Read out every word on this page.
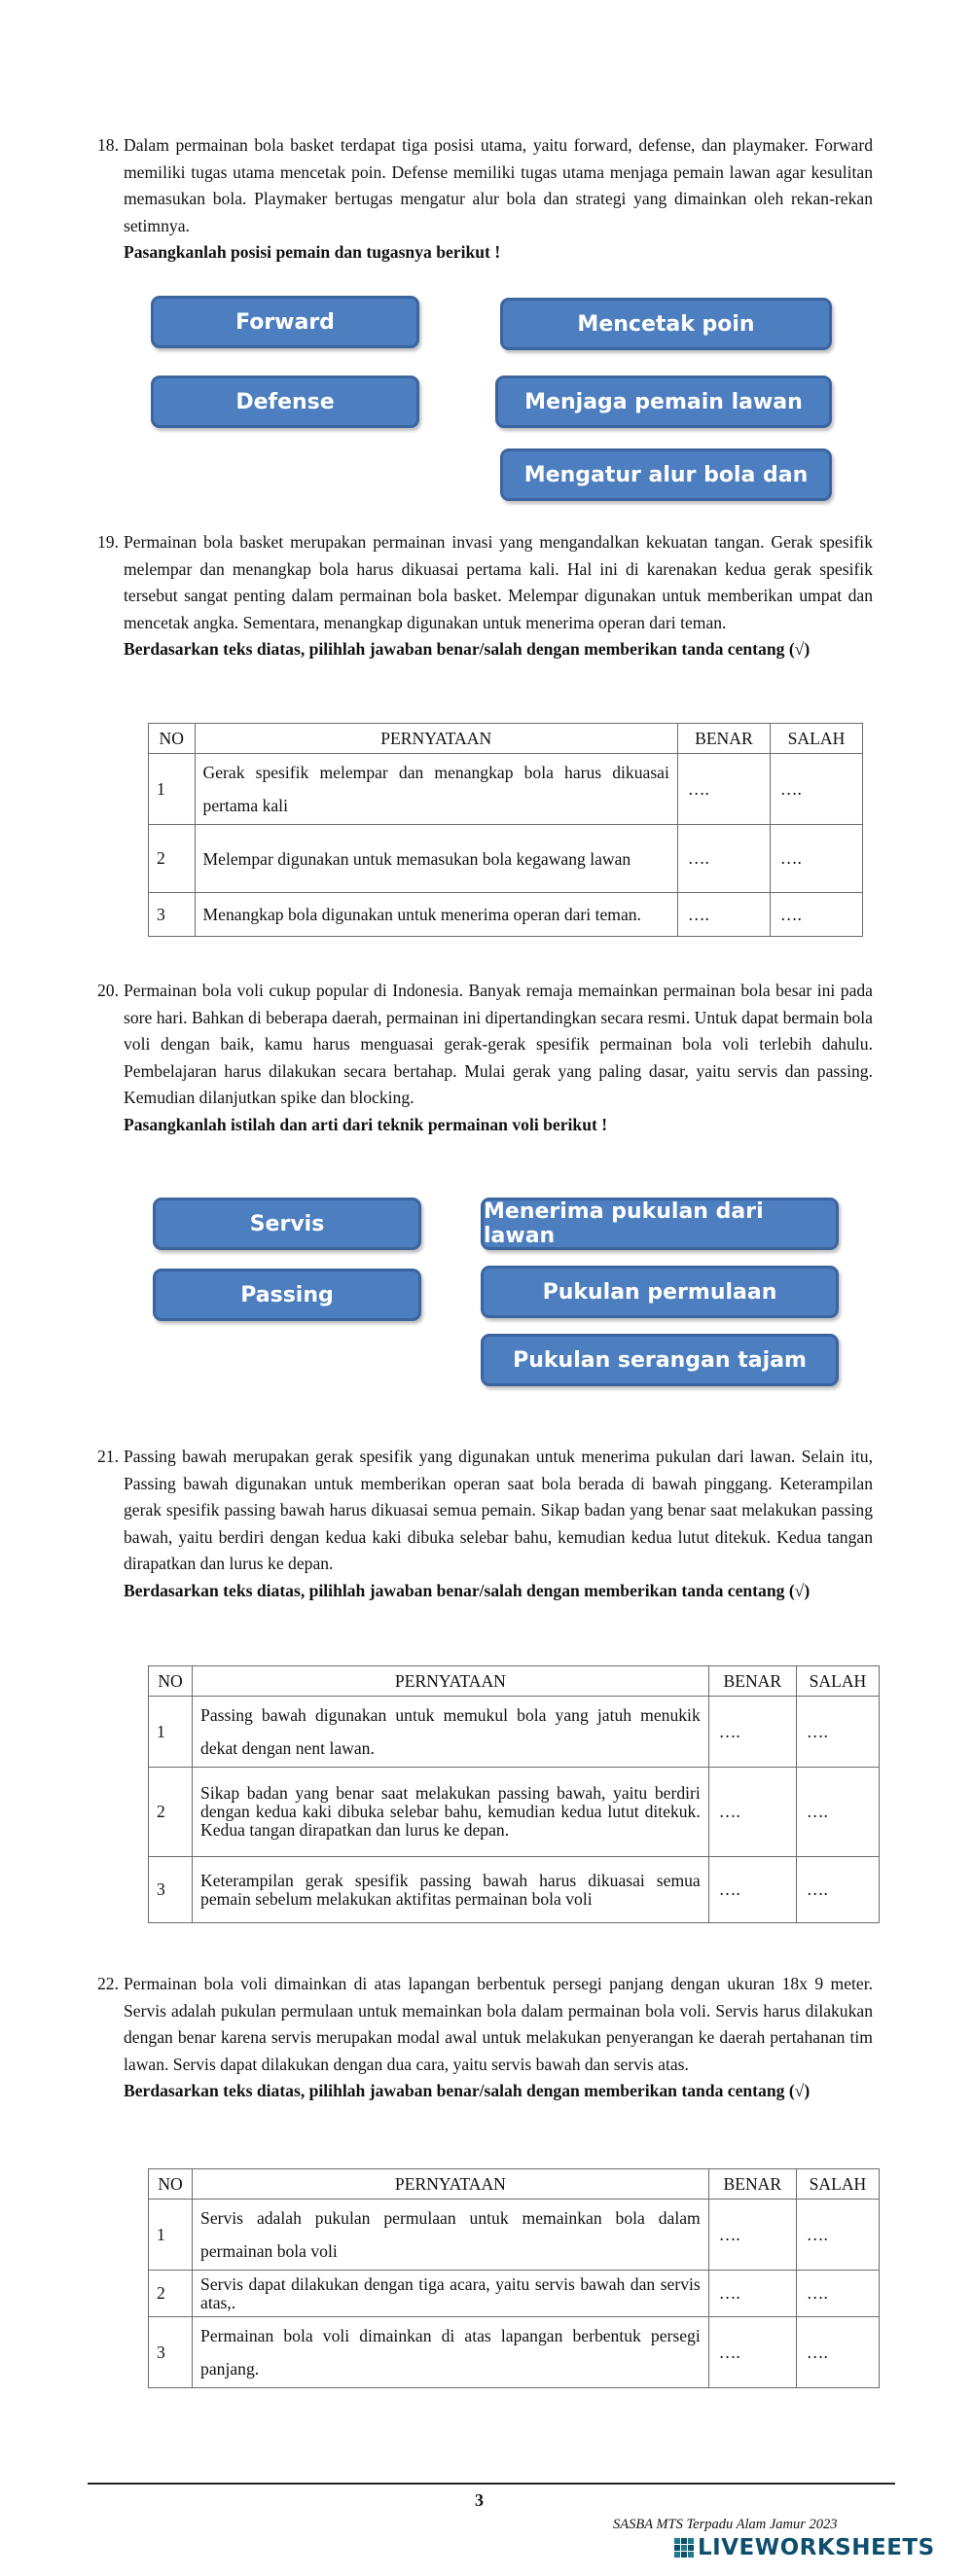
18. Dalam permainan bola basket terdapat tiga posisi utama, yaitu forward, defense, dan playmaker. Forward memiliki tugas utama mencetak poin. Defense memiliki tugas utama menjaga pemain lawan agar kesulitan memasukan bola. Playmaker bertugas mengatur alur bola dan strategi yang dimainkan oleh rekan-rekan setimnya.

Pasangkanlah posisi pemain dan tugasnya berikut !

Forward
Defense
Mencetak poin
Menjaga pemain lawan
Mengatur alur bola dan
19. Permainan bola basket merupakan permainan invasi yang mengandalkan kekuatan tangan. Gerak spesifik melempar dan menangkap bola harus dikuasai pertama kali. Hal ini di karenakan kedua gerak spesifik tersebut sangat penting dalam permainan bola basket. Melempar digunakan untuk memberikan umpat dan mencetak angka. Sementara, menangkap digunakan untuk menerima operan dari teman.

Berdasarkan teks diatas, pilihlah jawaban benar/salah dengan memberikan tanda centang (√)

NO	PERNYATAAN	BENAR	SALAH
1	Gerak spesifik melempar dan menangkap bola harus dikuasai pertama kali	….	….
2	Melempar digunakan untuk memasukan bola kegawang lawan	….	….
3	Menangkap bola digunakan untuk menerima operan dari teman.	….	….
20. Permainan bola voli cukup popular di Indonesia. Banyak remaja memainkan permainan bola besar ini pada sore hari. Bahkan di beberapa daerah, permainan ini dipertandingkan secara resmi. Untuk dapat bermain bola voli dengan baik, kamu harus menguasai gerak-gerak spesifik permainan bola voli terlebih dahulu. Pembelajaran harus dilakukan secara bertahap. Mulai gerak yang paling dasar, yaitu servis dan passing. Kemudian dilanjutkan spike dan blocking.

Pasangkanlah istilah dan arti dari teknik permainan voli berikut !

Servis
Passing
Menerima pukulan dari lawan
Pukulan permulaan
Pukulan serangan tajam
21. Passing bawah merupakan gerak spesifik yang digunakan untuk menerima pukulan dari lawan. Selain itu, Passing bawah digunakan untuk memberikan operan saat bola berada di bawah pinggang. Keterampilan gerak spesifik passing bawah harus dikuasai semua pemain. Sikap badan yang benar saat melakukan passing bawah, yaitu berdiri dengan kedua kaki dibuka selebar bahu, kemudian kedua lutut ditekuk. Kedua tangan dirapatkan dan lurus ke depan.

Berdasarkan teks diatas, pilihlah jawaban benar/salah dengan memberikan tanda centang (√)

NO	PERNYATAAN	BENAR	SALAH
1	Passing bawah digunakan untuk memukul bola yang jatuh menukik dekat dengan nent lawan.	….	….
2	Sikap badan yang benar saat melakukan passing bawah, yaitu berdiri dengan kedua kaki dibuka selebar bahu, kemudian kedua lutut ditekuk. Kedua tangan dirapatkan dan lurus ke depan.	….	….
3	Keterampilan gerak spesifik passing bawah harus dikuasai semua pemain sebelum melakukan aktifitas permainan bola voli	….	….
22. Permainan bola voli dimainkan di atas lapangan berbentuk persegi panjang dengan ukuran 18x 9 meter. Servis adalah pukulan permulaan untuk memainkan bola dalam permainan bola voli. Servis harus dilakukan dengan benar karena servis merupakan modal awal untuk melakukan penyerangan ke daerah pertahanan tim lawan. Servis dapat dilakukan dengan dua cara, yaitu servis bawah dan servis atas.

Berdasarkan teks diatas, pilihlah jawaban benar/salah dengan memberikan tanda centang (√)

NO	PERNYATAAN	BENAR	SALAH
1	Servis adalah pukulan permulaan untuk memainkan bola dalam permainan bola voli	….	….
2	Servis dapat dilakukan dengan tiga acara, yaitu servis bawah dan servis atas,.	….	….
3	Permainan bola voli dimainkan di atas lapangan berbentuk persegi panjang.	….	….
3
SASBA MTS Terpadu Alam Jamur 2023
LIVEWORKSHEETS
